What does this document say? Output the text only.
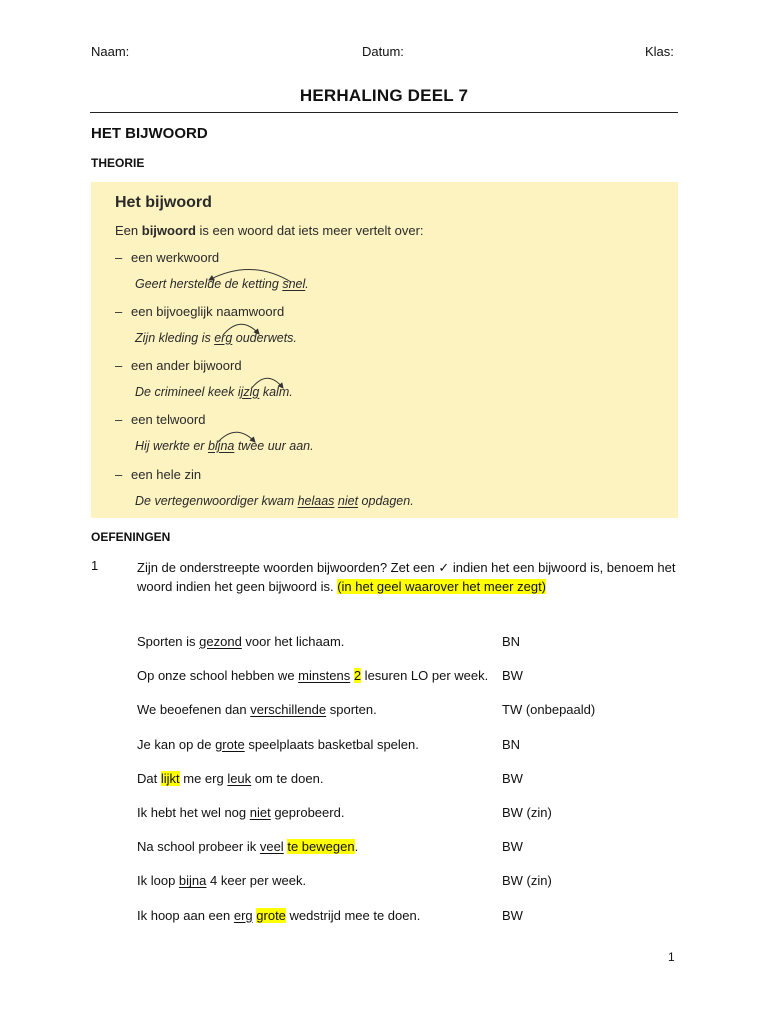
Naam:	Datum:	Klas:
HERHALING DEEL 7
HET BIJWOORD
THEORIE
Het bijwoord
Een bijwoord is een woord dat iets meer vertelt over:
– een werkwoord
Geert herstelde de ketting snel.
– een bijvoeglijk naamwoord
Zijn kleding is erg ouderwets.
– een ander bijwoord
De crimineel keek ijzig kalm.
– een telwoord
Hij werkte er bijna twee uur aan.
– een hele zin
De vertegenwoordiger kwam helaas niet opdagen.
OEFENINGEN
1	Zijn de onderstreepte woorden bijwoorden? Zet een ✓ indien het een bijwoord is, benoem het woord indien het geen bijwoord is. (in het geel waarover het meer zegt)
Sporten is gezond voor het lichaam.	BN
Op onze school hebben we minstens 2 lesuren LO per week. BW
We beoefenen dan verschillende sporten.	TW (onbepaald)
Je kan op de grote speelplaats basketbal spelen.	BN
Dat lijkt me erg leuk om te doen.	BW
Ik hebt het wel nog niet geprobeerd.	BW (zin)
Na school probeer ik veel te bewegen.	BW
Ik loop bijna 4 keer per week.	BW (zin)
Ik hoop aan een erg grote wedstrijd mee te doen.	BW
1
